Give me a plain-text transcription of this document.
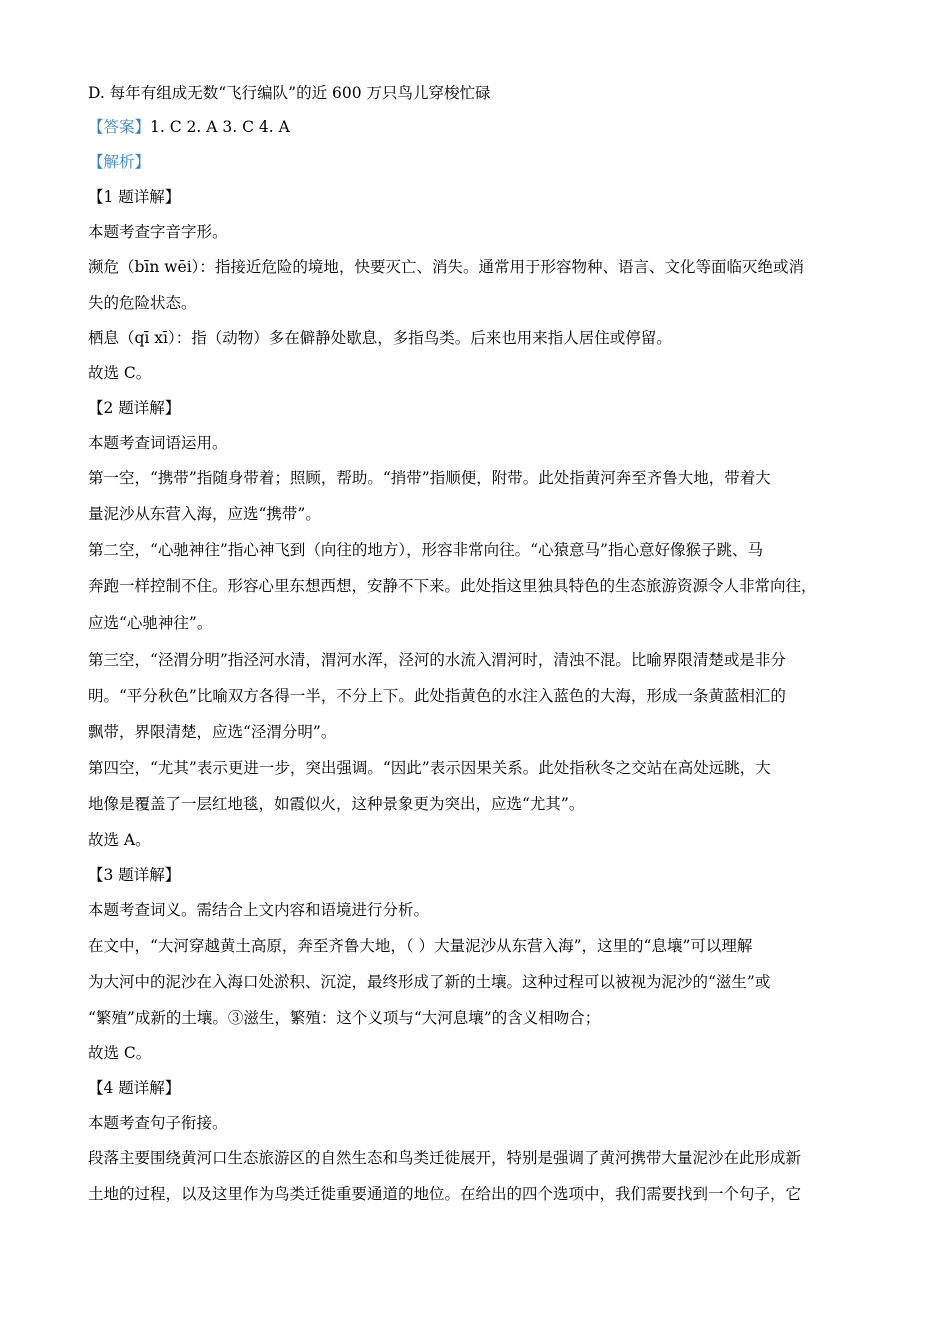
D. 每年有组成无数“飞行编队”的近 600 万只鸟儿穿梭忙碌
【答案】1. C 2. A 3. C 4. A
【解析】
【1 题详解】
本题考查字音字形。
濒危（bīn wēi）：指接近危险的境地，快要灭亡、消失。通常用于形容物种、语言、文化等面临灭绝或消
失的危险状态。
栖息（qī xī）：指（动物）多在僻静处歇息，多指鸟类。后来也用来指人居住或停留。
故选 C。
【2 题详解】
本题考查词语运用。
第一空，“携带”指随身带着；照顾，帮助。“捎带”指顺便，附带。此处指黄河奔至齐鲁大地，带着大
量泥沙从东营入海，应选“携带”。
第二空，“心驰神往”指心神飞到（向往的地方），形容非常向往。“心猿意马”指心意好像猴子跳、马
奔跑一样控制不住。形容心里东想西想，安静不下来。此处指这里独具特色的生态旅游资源令人非常向往，
应选“心驰神往”。
第三空，“泾渭分明”指泾河水清，渭河水浑，泾河的水流入渭河时，清浊不混。比喻界限清楚或是非分
明。“平分秋色”比喻双方各得一半，不分上下。此处指黄色的水注入蓝色的大海，形成一条黄蓝相汇的
飘带，界限清楚，应选“泾渭分明”。
第四空，“尤其”表示更进一步，突出强调。“因此”表示因果关系。此处指秋冬之交站在高处远眺，大
地像是覆盖了一层红地毯，如霞似火，这种景象更为突出，应选“尤其”。
故选 A。
【3 题详解】
本题考查词义。需结合上文内容和语境进行分析。
在文中，“大河穿越黄土高原，奔至齐鲁大地，（ ）大量泥沙从东营入海”，这里的“息壤”可以理解
为大河中的泥沙在入海口处淤积、沉淀，最终形成了新的土壤。这种过程可以被视为泥沙的“滋生”或
“繁殖”成新的土壤。③滋生，繁殖：这个义项与“大河息壤”的含义相吻合；
故选 C。
【4 题详解】
本题考查句子衔接。
段落主要围绕黄河口生态旅游区的自然生态和鸟类迁徙展开，特别是强调了黄河携带大量泥沙在此形成新
土地的过程，以及这里作为鸟类迁徙重要通道的地位。在给出的四个选项中，我们需要找到一个句子，它
